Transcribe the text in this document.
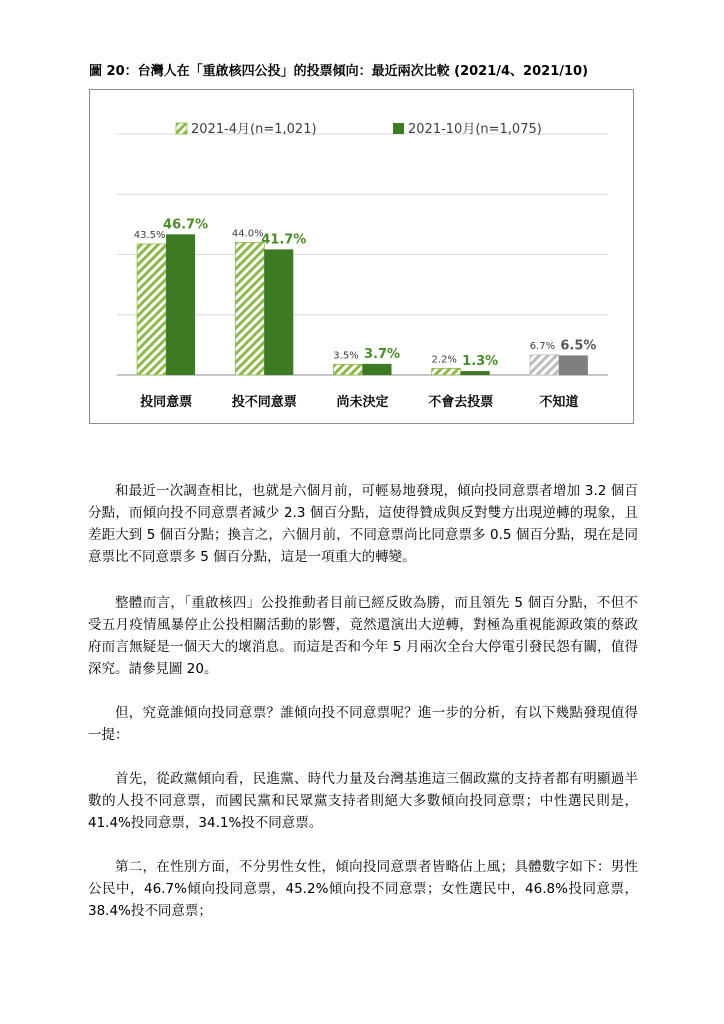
圖 20：台灣人在「重啟核四公投」的投票傾向：最近兩次比較 (2021/4、2021/10)
2021-4月(n=1,021)	2021-10月(n=1,075)
43.5%
46.7%
投同意票
44.0%
41.7%
投不同意票
3.5% 3.7%
尚未決定
2.2% 1.3%
不會去投票
6.7% 6.5%
不知道

和最近一次調查相比，也就是六個月前，可輕易地發現，傾向投同意票者增加 3.2 個百分點，而傾向投不同意票者減少 2.3 個百分點，這使得贊成與反對雙方出現逆轉的現象，且差距大到 5 個百分點；換言之，六個月前，不同意票尚比同意票多 0.5 個百分點，現在是同意票比不同意票多 5 個百分點，這是一項重大的轉變。

整體而言，「重啟核四」公投推動者目前已經反敗為勝，而且領先 5 個百分點，不但不受五月疫情風暴停止公投相關活動的影響，竟然還演出大逆轉，對極為重視能源政策的蔡政府而言無疑是一個天大的壞消息。而這是否和今年 5 月兩次全台大停電引發民怨有關，值得深究。請參見圖 20。

但，究竟誰傾向投同意票？誰傾向投不同意票呢？進一步的分析，有以下幾點發現值得一提：

首先，從政黨傾向看，民進黨、時代力量及台灣基進這三個政黨的支持者都有明顯過半數的人投不同意票，而國民黨和民眾黨支持者則絕大多數傾向投同意票；中性選民則是，41.4%投同意票，34.1%投不同意票。

第二，在性別方面，不分男性女性，傾向投同意票者皆略佔上風；具體數字如下：男性公民中，46.7%傾向投同意票，45.2%傾向投不同意票；女性選民中，46.8%投同意票，38.4%投不同意票；
